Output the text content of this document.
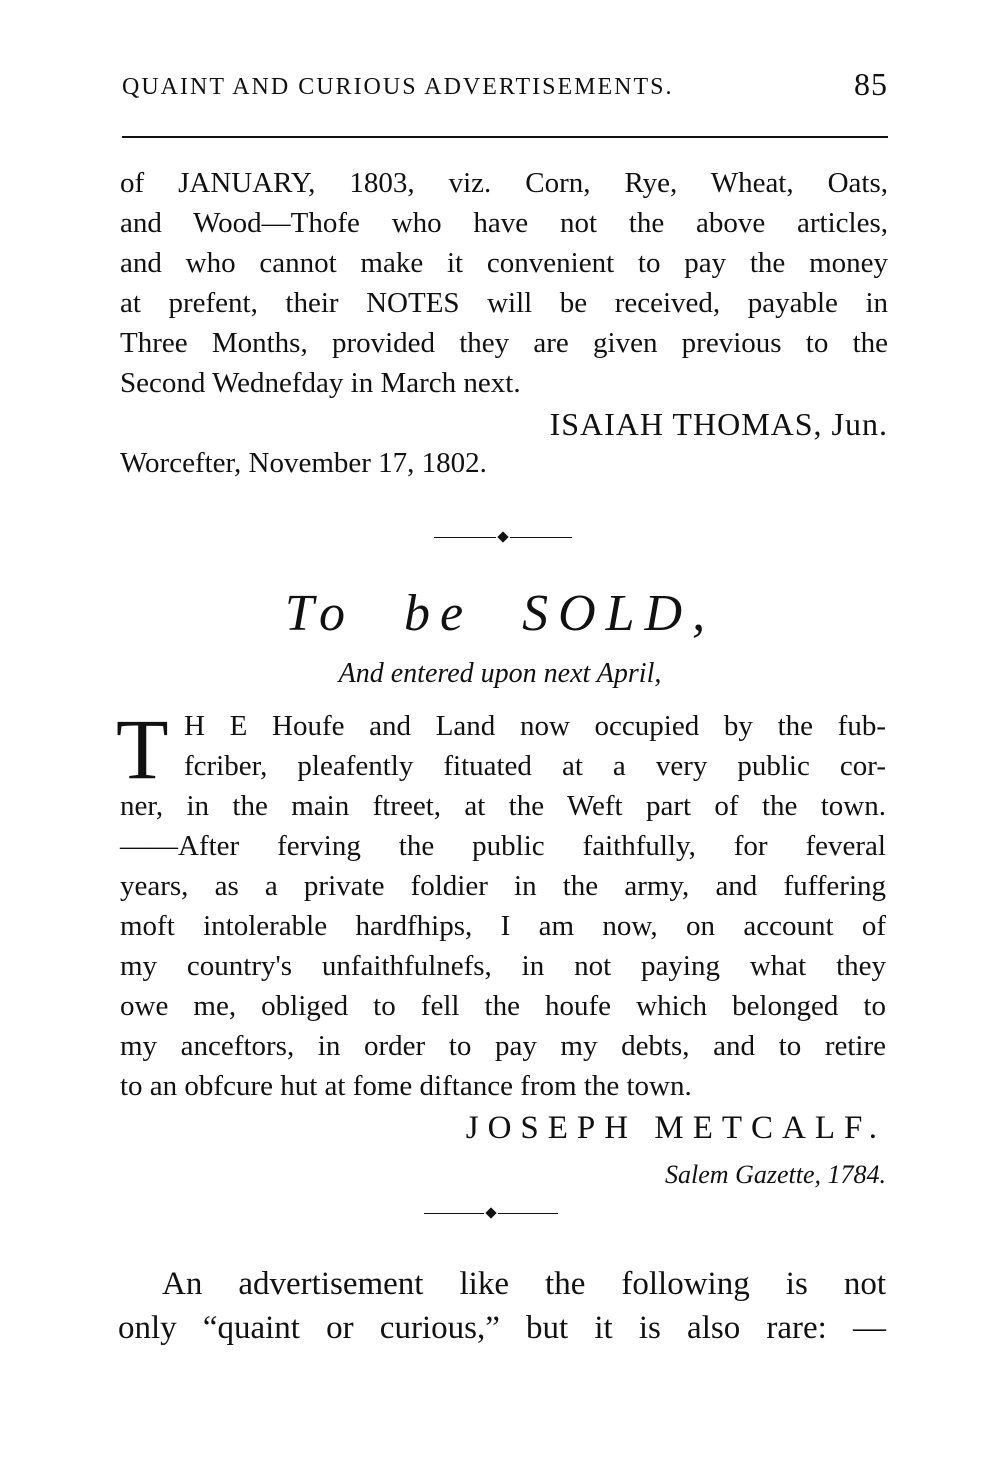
QUAINT AND CURIOUS ADVERTISEMENTS.	85
of JANUARY, 1803, viz. Corn, Rye, Wheat, Oats,
and Wood—Thofe who have not the above articles,
and who cannot make it convenient to pay the money
at prefent, their NOTES will be received, payable in
Three Months, provided they are given previous to the
Second Wednefday in March next.
ISAIAH THOMAS, Jun.
Worcefter, November 17, 1802.
To be SOLD,
And entered upon next April,
T H E Houfe and Land now occupied by the fub-
fcriber, pleafently fituated at a very public cor-
ner, in the main ftreet, at the Weft part of the town.
——After ferving the public faithfully, for feveral
years, as a private foldier in the army, and fuffering
moft intolerable hardfhips, I am now, on account of
my country's unfaithfulnefs, in not paying what they
owe me, obliged to fell the houfe which belonged to
my anceftors, in order to pay my debts, and to retire
to an obfcure hut at fome diftance from the town.
JOSEPH METCALF.
Salem Gazette, 1784.
An advertisement like the following is not
only “quaint or curious,” but it is also rare: —
